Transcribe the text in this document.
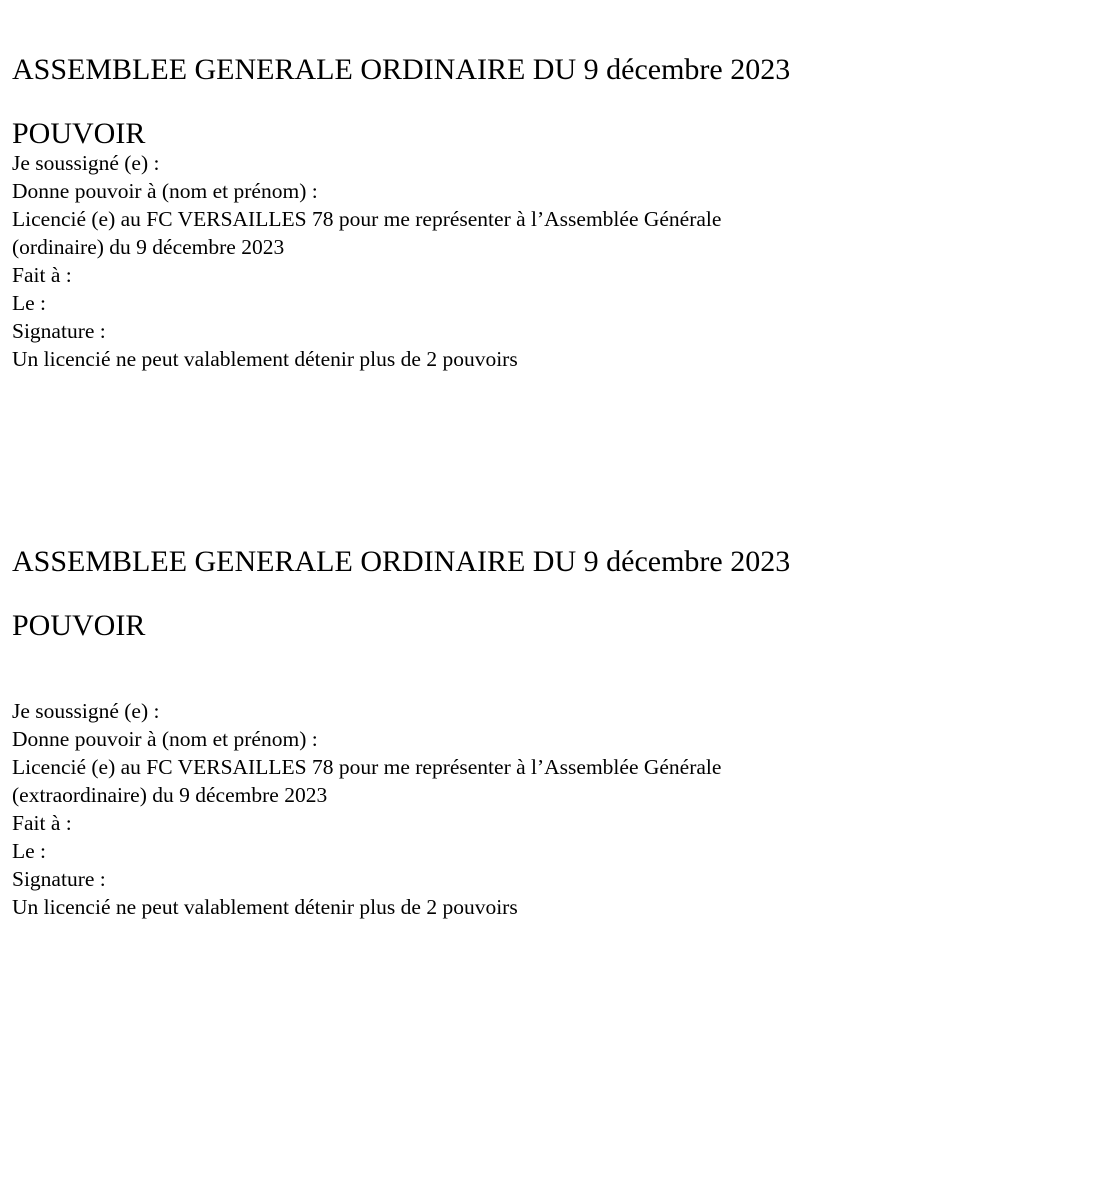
ASSEMBLEE GENERALE ORDINAIRE DU 9 décembre 2023
POUVOIR
Je soussigné (e) :
Donne pouvoir à (nom et prénom) :
Licencié (e) au FC VERSAILLES 78 pour me représenter à l’Assemblée Générale
(ordinaire) du 9 décembre 2023
Fait à :
Le :
Signature :
Un licencié ne peut valablement détenir plus de 2 pouvoirs
ASSEMBLEE GENERALE ORDINAIRE DU 9 décembre 2023
POUVOIR
Je soussigné (e) :
Donne pouvoir à (nom et prénom) :
Licencié (e) au FC VERSAILLES 78 pour me représenter à l’Assemblée Générale
(extraordinaire) du 9 décembre 2023
Fait à :
Le :
Signature :
Un licencié ne peut valablement détenir plus de 2 pouvoirs
